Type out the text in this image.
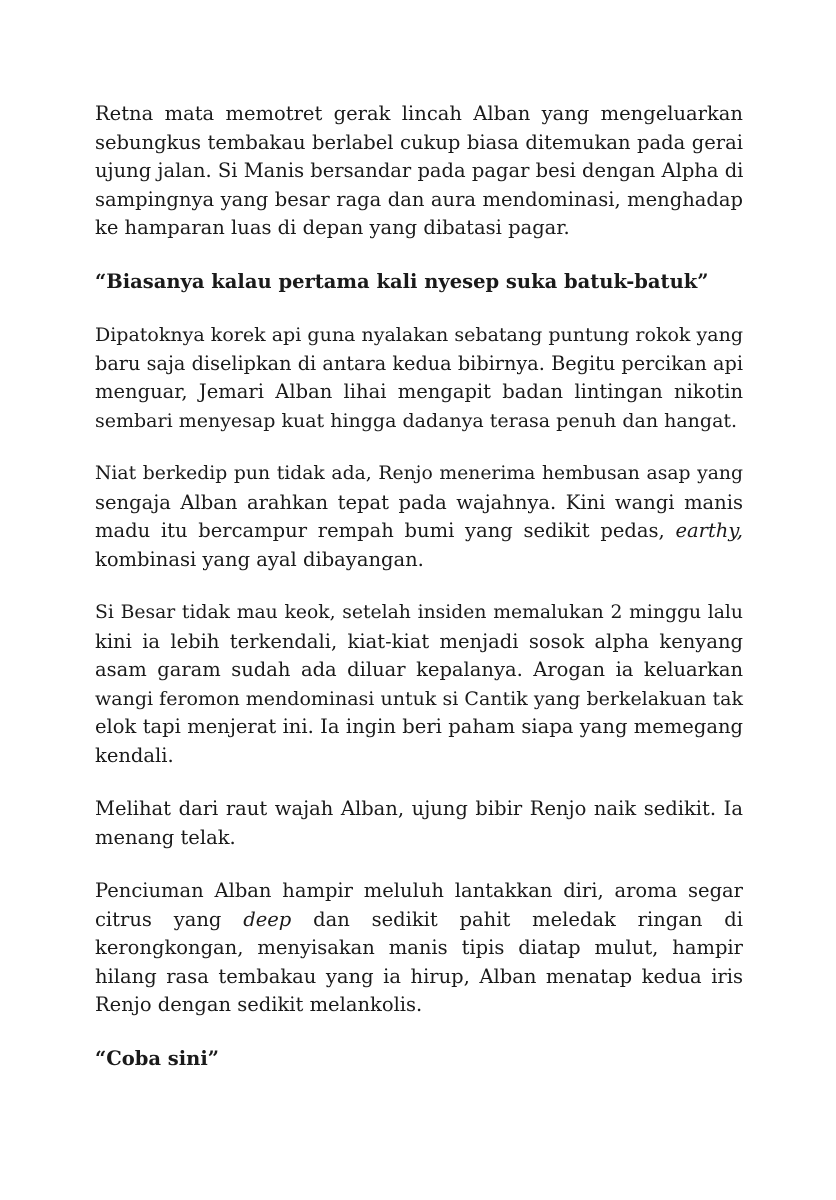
Retna mata memotret gerak lincah Alban yang mengeluarkan
sebungkus tembakau berlabel cukup biasa ditemukan pada gerai
ujung jalan. Si Manis bersandar pada pagar besi dengan Alpha di
sampingnya yang besar raga dan aura mendominasi, menghadap
ke hamparan luas di depan yang dibatasi pagar.
“Biasanya kalau pertama kali nyesep suka batuk-batuk”
Dipatoknya korek api guna nyalakan sebatang puntung rokok yang
baru saja diselipkan di antara kedua bibirnya. Begitu percikan api
menguar, Jemari Alban lihai mengapit badan lintingan nikotin
sembari menyesap kuat hingga dadanya terasa penuh dan hangat.
Niat berkedip pun tidak ada, Renjo menerima hembusan asap yang
sengaja Alban arahkan tepat pada wajahnya. Kini wangi manis
madu itu bercampur rempah bumi yang sedikit pedas, earthy,
kombinasi yang ayal dibayangan.
Si Besar tidak mau keok, setelah insiden memalukan 2 minggu lalu
kini ia lebih terkendali, kiat-kiat menjadi sosok alpha kenyang
asam garam sudah ada diluar kepalanya. Arogan ia keluarkan
wangi feromon mendominasi untuk si Cantik yang berkelakuan tak
elok tapi menjerat ini. Ia ingin beri paham siapa yang memegang
kendali.
Melihat dari raut wajah Alban, ujung bibir Renjo naik sedikit. Ia
menang telak.
Penciuman Alban hampir meluluh lantakkan diri, aroma segar
citrus yang deep dan sedikit pahit meledak ringan di
kerongkongan, menyisakan manis tipis diatap mulut, hampir
hilang rasa tembakau yang ia hirup, Alban menatap kedua iris
Renjo dengan sedikit melankolis.
“Coba sini”
